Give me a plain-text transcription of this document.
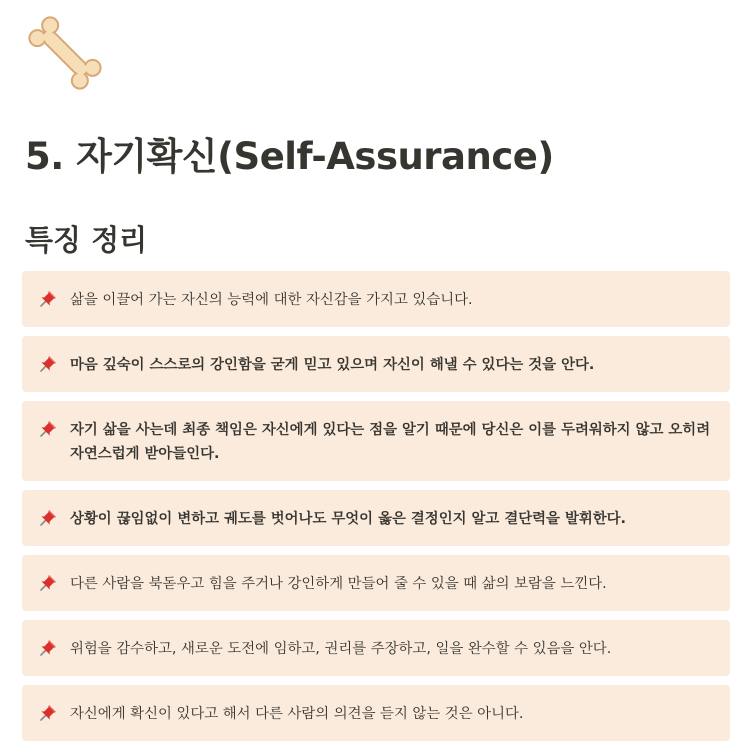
5. 자기확신(Self-Assurance)
특징 정리
삶을 이끌어 가는 자신의 능력에 대한 자신감을 가지고 있습니다.
마음 깊숙이 스스로의 강인함을 굳게 믿고 있으며 자신이 해낼 수 있다는 것을 안다.
자기 삶을 사는데 최종 책임은 자신에게 있다는 점을 알기 때문에 당신은 이를 두려워하지 않고 오히려 자연스럽게 받아들인다.
상황이 끊임없이 변하고 궤도를 벗어나도 무엇이 옳은 결정인지 알고 결단력을 발휘한다.
다른 사람을 북돋우고 힘을 주거나 강인하게 만들어 줄 수 있을 때 삶의 보람을 느낀다.
위험을 감수하고, 새로운 도전에 임하고, 권리를 주장하고, 일을 완수할 수 있음을 안다.
자신에게 확신이 있다고 해서 다른 사람의 의견을 듣지 않는 것은 아니다.
